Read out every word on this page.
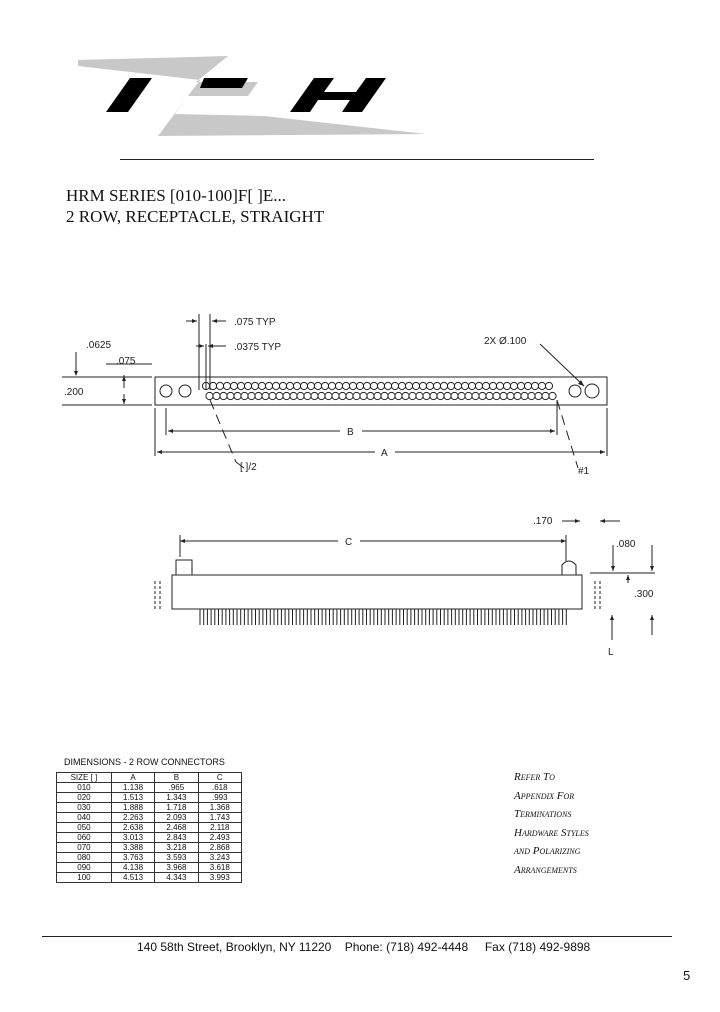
HRM SERIES [010-100]F[ ]E...
2 ROW, RECEPTACLE, STRAIGHT
.075 TYP
.0375 TYP
.0625
.075
.200
2X Ø.100
B
A
[ ]/2	#1
C
.170
.080
.300
L
DIMENSIONS - 2 ROW CONNECTORS
SIZE [ ]	A	B	C
010	1.138	.965	.618
020	1.513	1.343	.993
030	1.888	1.718	1.368
040	2.263	2.093	1.743
050	2.638	2.468	2.118
060	3.013	2.843	2.493
070	3.388	3.218	2.868
080	3.763	3.593	3.243
090	4.138	3.968	3.618
100	4.513	4.343	3.993
Refer To
Appendix For
Terminations
Hardware Styles
and Polarizing
Arrangements
140 58th Street, Brooklyn, NY 11220 Phone: (718) 492-4448 Fax (718) 492-9898
5
